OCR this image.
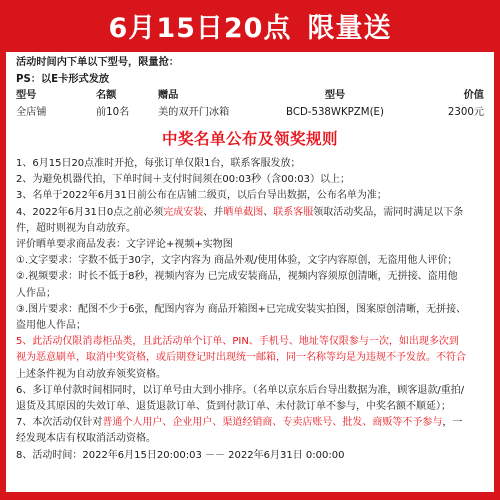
6月15日20点 限量送
活动时间内下单以下型号，限量抢：
PS：以E卡形式发放
型号	名额	赠品	型号	价值
全店铺	前10名	美的双开门冰箱	BCD-538WKPZM(E)	2300元
中奖名单公布及领奖规则
1、6月15日20点准时开抢，每张订单仅限1台，联系客服发放；
2、为避免机器代拍，下单时间＋支付时间须在00:03秒（含00:03）以上；
3、名单于2022年6月31日前公布在店铺二级页，以后台导出数据，公布名单为准；
4、2022年6月31日0点之前必须完成安装、并晒单截图、联系客服领取活动奖品，需同时满足以下条
件，超时则视为自动放弃。
评价晒单要求商品发表：文字评论+视频+实物图
①.文字要求：字数不低于30字，文字内容为 商品外观/使用体验，文字内容原创，无盗用他人评价；
②.视频要求：时长不低于8秒，视频内容为 已完成安装商品，视频内容须原创清晰，无拼接、盗用他
人作品；
③.图片要求：配图不少于6张，配图内容为 商品开箱图+已完成安装实拍图，图案原创清晰，无拼接、
盗用他人作品；
5、此活动仅限消毒柜品类，且此活动单个订单、PIN、手机号、地址等仅限参与一次，如出现多次到
视为恶意刷单，取消中奖资格，或后期登记时出现统一邮箱，同一名称等均是为违规不予发放。不符合
上述条件视为自动放弃领奖资格。
6、多订单付款时间相同时，以订单号由大到小排序。（名单以京东后台导出数据为准，顾客退款/重拍/
退货及其原因的失效订单、退货退款订单、货到付款订单、未付款订单不参与，中奖名额不顺延）；
7、本次活动仅针对普通个人用户、企业用户、渠道经销商、专卖店账号、批发、商贩等不予参与，一
经发现本店有权取消活动资格。
8、活动时间：2022年6月15日20:00:03 －－ 2022年6月31日 0:00:00
